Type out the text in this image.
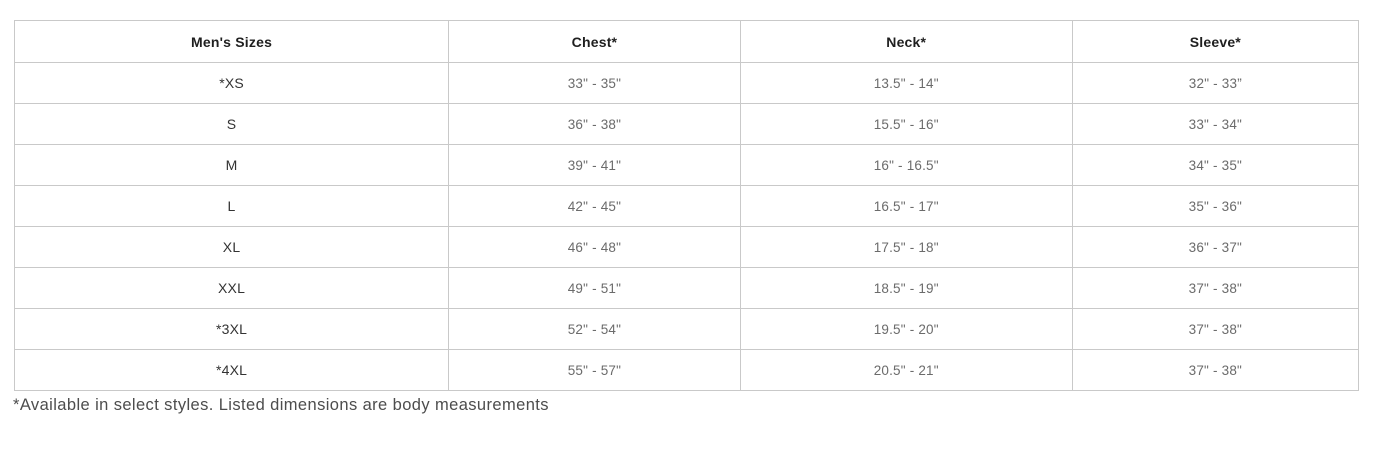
Men's Sizes	Chest*	Neck*	Sleeve*
*XS	33" - 35"	13.5" - 14"	32" - 33”
S	36" - 38"	15.5" - 16"	33" - 34"
M	39" - 41"	16" - 16.5"	34" - 35"
L	42" - 45"	16.5" - 17"	35" - 36"
XL	46" - 48"	17.5" - 18"	36" - 37"
XXL	49" - 51"	18.5" - 19"	37" - 38"
*3XL	52" - 54"	19.5" - 20"	37" - 38"
*4XL	55" - 57"	20.5" - 21"	37" - 38"
*Available in select styles. Listed dimensions are body measurements
